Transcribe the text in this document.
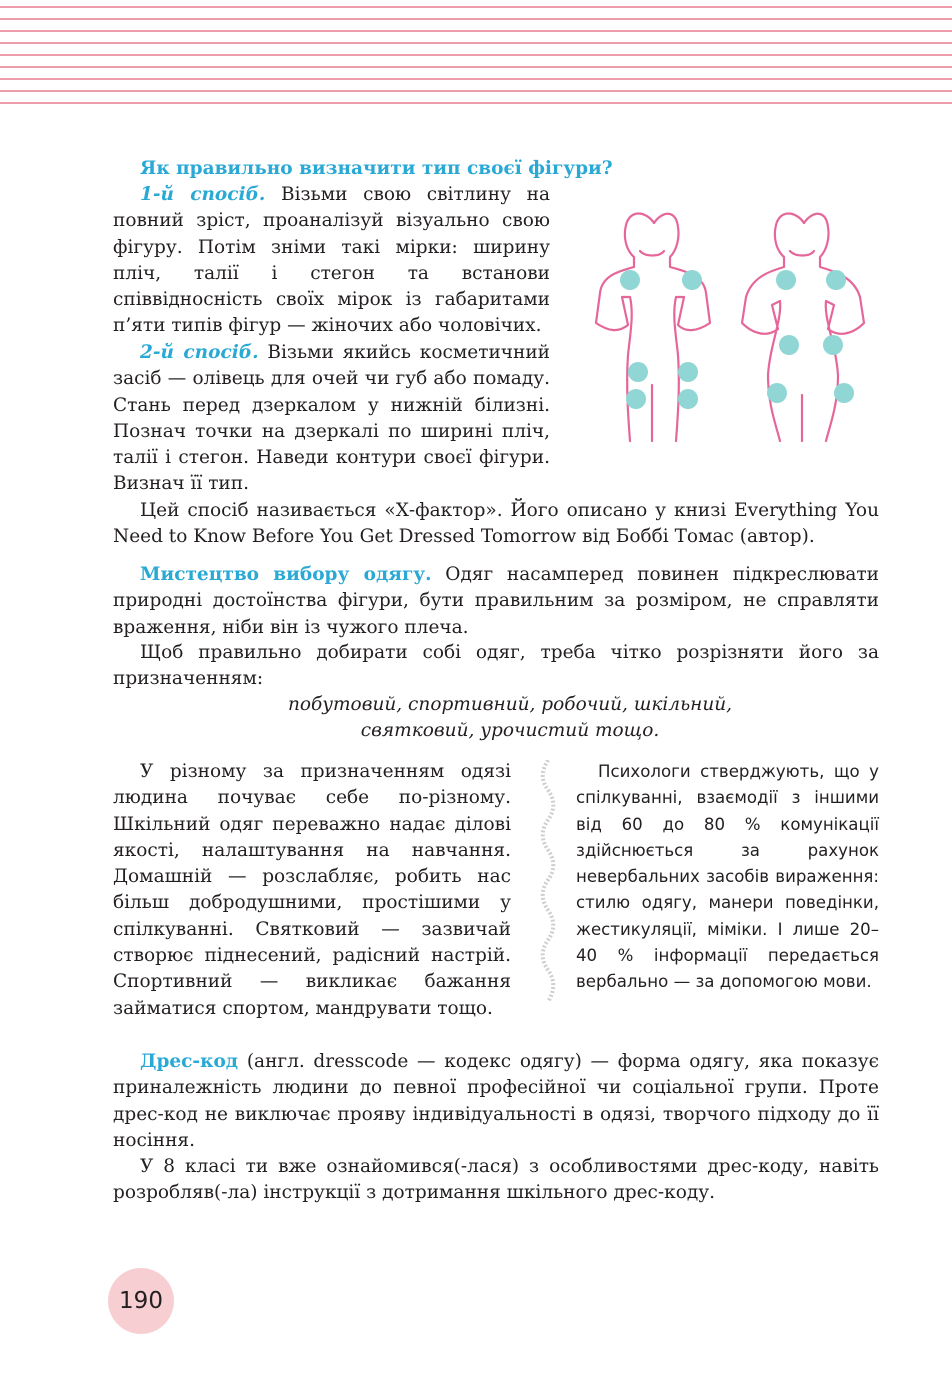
Як правильно визначити тип своєї фігури?

1-й спосіб. Візьми свою світлину на повний зріст, проаналізуй візуально свою фігуру. Потім зніми такі мірки: ширину пліч, талії і стегон та встанови співвідносність своїх мірок із габаритами п’яти типів фігур — жіночих або чоловічих.

2-й спосіб. Візьми якийсь косметичний засіб — олівець для очей чи губ або помаду. Стань перед дзеркалом у нижній білизні. Познач точки на дзеркалі по ширині пліч, талії і стегон. Наведи контури своєї фігури. Визнач її тип.

Цей спосіб називається «Х-фактор». Його описано у книзі Everything You Need to Know Before You Get Dressed Tomorrow від Боббі Томас (автор).

Мистецтво вибору одягу. Одяг насамперед повинен підкреслювати природні достоїнства фігури, бути правильним за розміром, не справляти враження, ніби він із чужого плеча.

Щоб правильно добирати собі одяг, треба чітко розрізняти його за призначенням:

побутовий, спортивний, робочий, шкільний,
святковий, урочистий тощо.

У різному за призначенням одязі людина почуває себе по-різному. Шкільний одяг переважно надає ділові якості, налаштування на навчання. Домашній — розслабляє, робить нас більш добродушними, простішими у спілкуванні. Святковий — зазвичай створює піднесений, радісний настрій. Спортивний — викликає бажання займатися спортом, мандрувати тощо.

Психологи стверджують, що у спілкуванні, взаємодії з іншими від 60 до 80 % комунікації здійснюється за рахунок невербальних засобів вираження: стилю одягу, манери поведінки, жестикуляції, міміки. І лише 20–40 % інформації передається вербально — за допомогою мови.

Дрес-код (англ. dresscode — кодекс одягу) — форма одягу, яка показує приналежність людини до певної професійної чи соціальної групи. Проте дрес-код не виключає прояву індивідуальності в одязі, творчого підходу до її носіння.

У 8 класі ти вже ознайомився(-лася) з особливостями дрес-коду, навіть розробляв(-ла) інструкції з дотримання шкільного дрес-коду.

190
